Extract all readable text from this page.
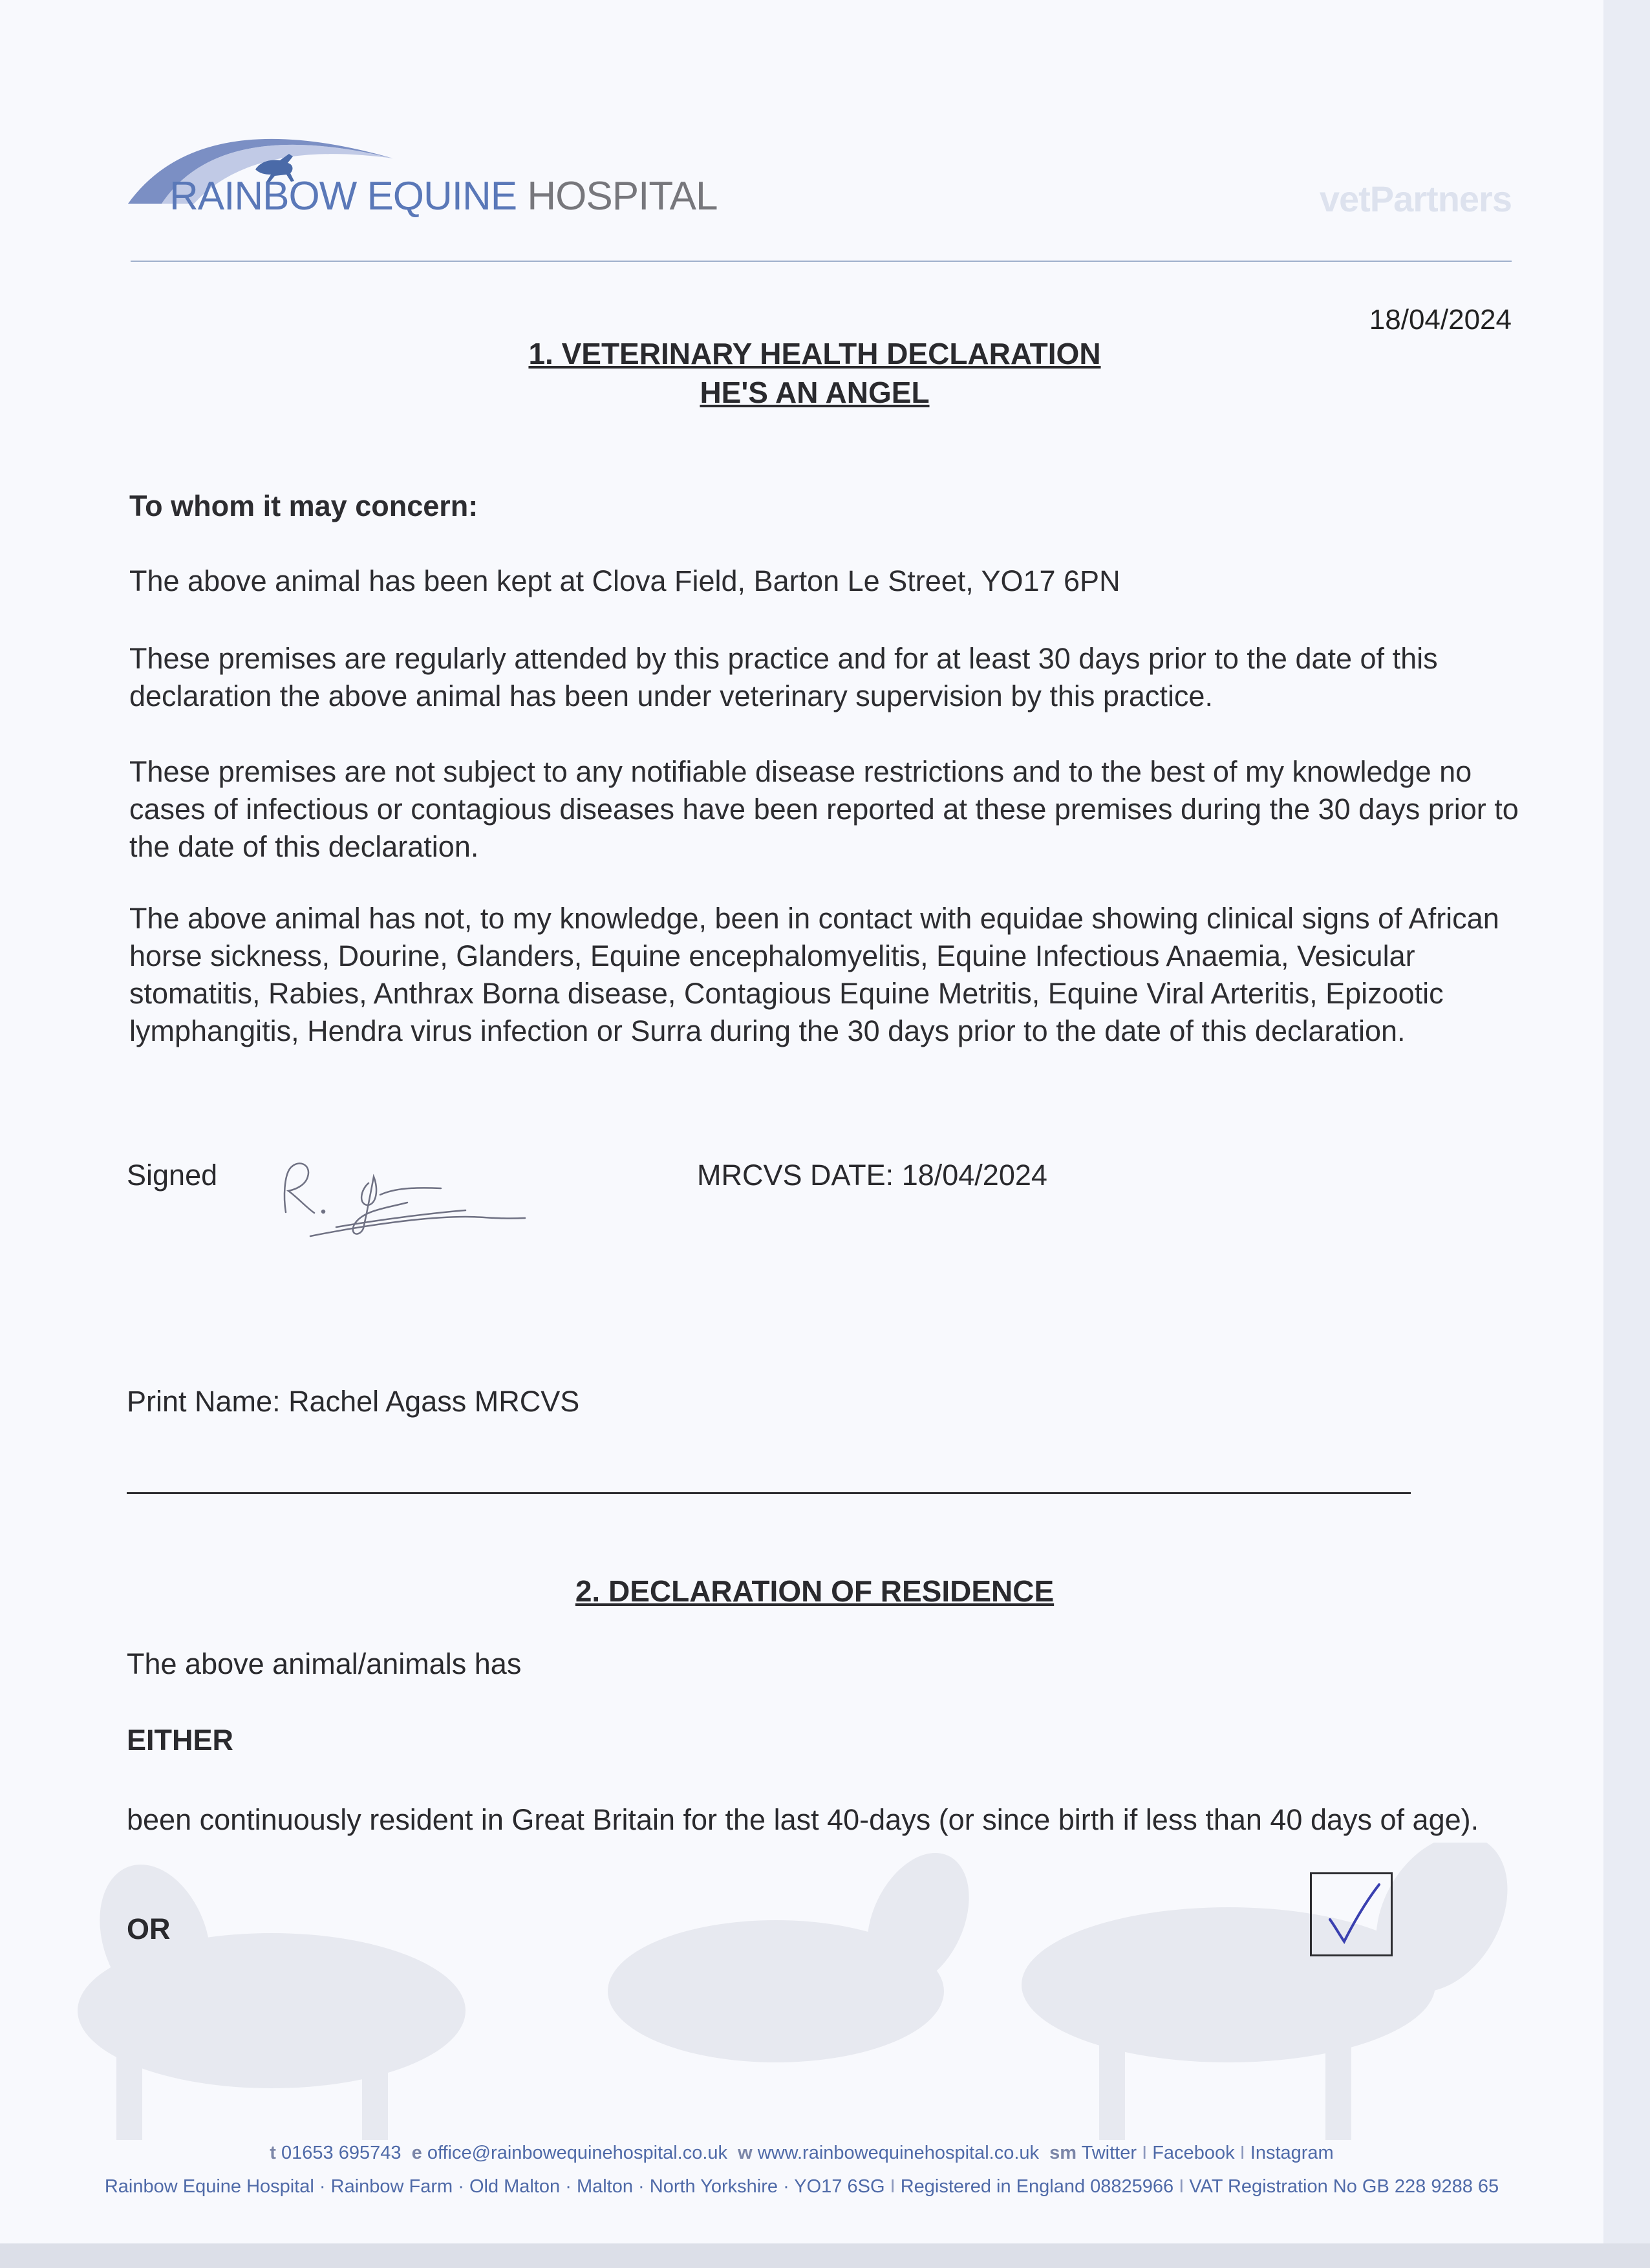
RAINBOW EQUINE HOSPITAL	vetPartners
18/04/2024
1. VETERINARY HEALTH DECLARATION
HE'S AN ANGEL
To whom it may concern:
The above animal has been kept at Clova Field, Barton Le Street, YO17 6PN
These premises are regularly attended by this practice and for at least 30 days prior to the date of this declaration the above animal has been under veterinary supervision by this practice.
These premises are not subject to any notifiable disease restrictions and to the best of my knowledge no cases of infectious or contagious diseases have been reported at these premises during the 30 days prior to the date of this declaration.
The above animal has not, to my knowledge, been in contact with equidae showing clinical signs of African horse sickness, Dourine, Glanders, Equine encephalomyelitis, Equine Infectious Anaemia, Vesicular stomatitis, Rabies, Anthrax Borna disease, Contagious Equine Metritis, Equine Viral Arteritis, Epizootic lymphangitis, Hendra virus infection or Surra during the 30 days prior to the date of this declaration.
Signed	MRCVS DATE: 18/04/2024
Print Name: Rachel Agass MRCVS
2. DECLARATION OF RESIDENCE
The above animal/animals has
EITHER
been continuously resident in Great Britain for the last 40-days (or since birth if less than 40 days of age).
OR
t 01653 695743 e office@rainbowequinehospital.co.uk w www.rainbowequinehospital.co.uk sm Twitter I Facebook I Instagram
Rainbow Equine Hospital · Rainbow Farm · Old Malton · Malton · North Yorkshire · YO17 6SG I Registered in England 08825966 I VAT Registration No GB 228 9288 65
